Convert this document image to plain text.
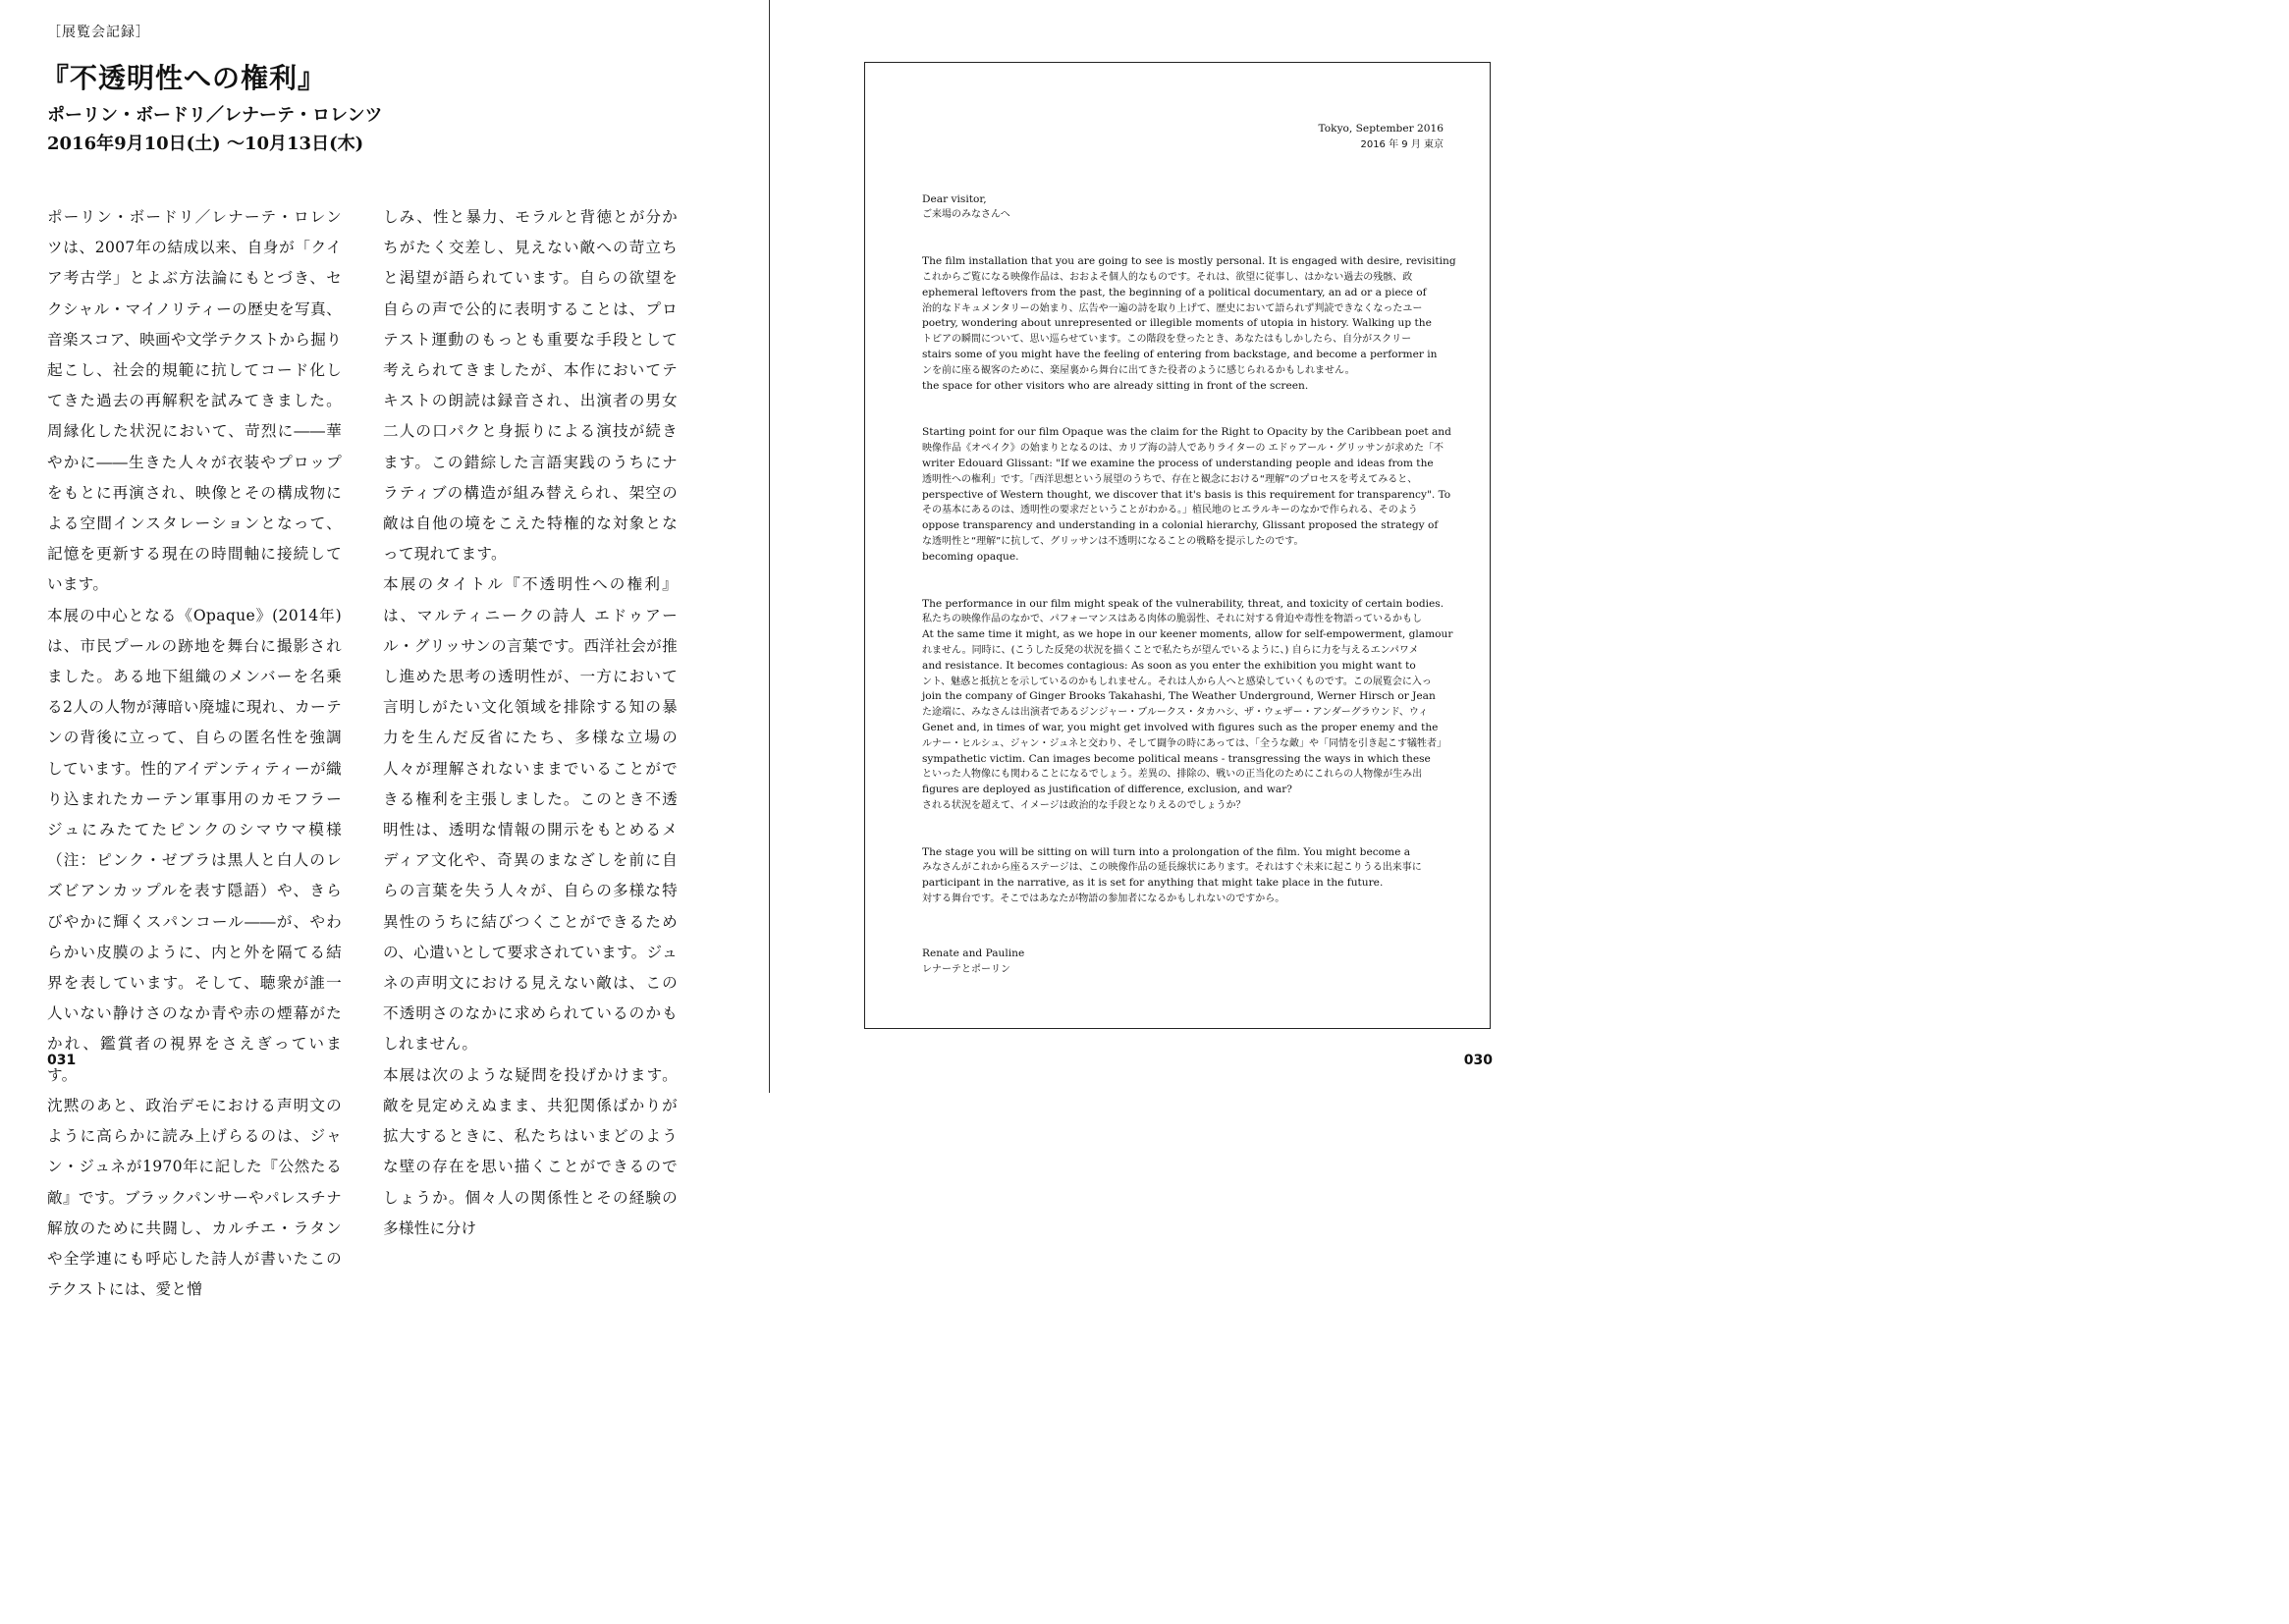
［展覧会記録］
『不透明性への権利』
ポーリン・ボードリ／レナーテ・ロレンツ
2016年9月10日(土) ～10月13日(木)

ポーリン・ボードリ／レナーテ・ロレンツは、2007年の結成以来、自身が「クイア考古学」とよぶ方法論にもとづき、セクシャル・マイノリティーの歴史を写真、音楽スコア、映画や文学テクストから掘り起こし、社会的規範に抗してコード化してきた過去の再解釈を試みてきました。周縁化した状況において、苛烈に――華やかに――生きた人々が衣装やプロップをもとに再演され、映像とその構成物による空間インスタレーションとなって、記憶を更新する現在の時間軸に接続しています。

本展の中心となる《Opaque》(2014年)は、市民プールの跡地を舞台に撮影されました。ある地下組織のメンバーを名乗る2人の人物が薄暗い廃墟に現れ、カーテンの背後に立って、自らの匿名性を強調しています。性的アイデンティティーが織り込まれたカーテン軍事用のカモフラージュにみたてたピンクのシマウマ模様（注：ピンク・ゼブラは黒人と白人のレズビアンカップルを表す隠語）や、きらびやかに輝くスパンコール――が、やわらかい皮膜のように、内と外を隔てる結界を表しています。そして、聴衆が誰一人いない静けさのなか青や赤の煙幕がたかれ、鑑賞者の視界をさえぎっています。

沈黙のあと、政治デモにおける声明文のように高らかに読み上げらるのは、ジャン・ジュネが1970年に記した『公然たる敵』です。ブラックパンサーやパレスチナ解放のために共闘し、カルチエ・ラタンや全学連にも呼応した詩人が書いたこのテクストには、愛と憎

しみ、性と暴力、モラルと背徳とが分かちがたく交差し、見えない敵への苛立ちと渇望が語られています。自らの欲望を自らの声で公的に表明することは、プロテスト運動のもっとも重要な手段として考えられてきましたが、本作においてテキストの朗読は録音され、出演者の男女二人の口パクと身振りによる演技が続きます。この錯綜した言語実践のうちにナラティブの構造が組み替えられ、架空の敵は自他の境をこえた特権的な対象となって現れてます。

本展のタイトル『不透明性への権利』は、マルティニークの詩人 エドゥアール・グリッサンの言葉です。西洋社会が推し進めた思考の透明性が、一方において言明しがたい文化領域を排除する知の暴力を生んだ反省にたち、多様な立場の人々が理解されないままでいることができる権利を主張しました。このとき不透明性は、透明な情報の開示をもとめるメディア文化や、奇異のまなざしを前に自らの言葉を失う人々が、自らの多様な特異性のうちに結びつくことができるための、心遣いとして要求されています。ジュネの声明文における見えない敵は、この不透明さのなかに求められているのかもしれません。

本展は次のような疑問を投げかけます。敵を見定めえぬまま、共犯関係ばかりが拡大するときに、私たちはいまどのような壁の存在を思い描くことができるのでしょうか。個々人の関係性とその経験の多様性に分け

031

Tokyo, September 2016
2016 年 9 月 東京

Dear visitor,
ご来場のみなさんへ
The film installation that you are going to see is mostly personal. It is engaged with desire, revisiting
これからご覧になる映像作品は、おおよそ個人的なものです。それは、欲望に従事し、はかない過去の残骸、政
ephemeral leftovers from the past, the beginning of a political documentary, an ad or a piece of
治的なドキュメンタリーの始まり、広告や一遍の詩を取り上げて、歴史において語られず判読できなくなったユー
poetry, wondering about unrepresented or illegible moments of utopia in history. Walking up the
トピアの瞬間について、思い巡らせています。この階段を登ったとき、あなたはもしかしたら、自分がスクリー
stairs some of you might have the feeling of entering from backstage, and become a performer in
ンを前に座る観客のために、楽屋裏から舞台に出てきた役者のように感じられるかもしれません。
the space for other visitors who are already sitting in front of the screen.
Starting point for our film Opaque was the claim for the Right to Opacity by the Caribbean poet and
映像作品《オペイク》の始まりとなるのは、カリブ海の詩人でありライターの エドゥアール・グリッサンが求めた「不
writer Edouard Glissant: "If we examine the process of understanding people and ideas from the
透明性への権利」です。「西洋思想という展望のうちで、存在と観念における“理解”のプロセスを考えてみると、
perspective of Western thought, we discover that it's basis is this requirement for transparency". To
その基本にあるのは、透明性の要求だということがわかる。」植民地のヒエラルキーのなかで作られる、そのよう
oppose transparency and understanding in a colonial hierarchy, Glissant proposed the strategy of
な透明性と“理解”に抗して、グリッサンは不透明になることの戦略を提示したのです。
becoming opaque.
The performance in our film might speak of the vulnerability, threat, and toxicity of certain bodies.
私たちの映像作品のなかで、パフォーマンスはある肉体の脆弱性、それに対する脅迫や毒性を物語っているかもし
At the same time it might, as we hope in our keener moments, allow for self-empowerment, glamour
れません。同時に、(こうした反発の状況を描くことで私たちが望んでいるように、) 自らに力を与えるエンパワメ
and resistance. It becomes contagious: As soon as you enter the exhibition you might want to
ント、魅惑と抵抗とを示しているのかもしれません。それは人から人へと感染していくものです。この展覧会に入っ
join the company of Ginger Brooks Takahashi, The Weather Underground, Werner Hirsch or Jean
た途端に、みなさんは出演者であるジンジャー・ブルークス・タカハシ、ザ・ウェザー・アンダーグラウンド、ウィ
Genet and, in times of war, you might get involved with figures such as the proper enemy and the
ルナー・ヒルシュ、ジャン・ジュネと交わり、そして闘争の時にあっては、「全うな敵」や「同情を引き起こす犠牲者」
sympathetic victim. Can images become political means - transgressing the ways in which these
といった人物像にも関わることになるでしょう。差異の、排除の、戦いの正当化のためにこれらの人物像が生み出
figures are deployed as justification of difference, exclusion, and war?
される状況を超えて、イメージは政治的な手段となりえるのでしょうか？
The stage you will be sitting on will turn into a prolongation of the film. You might become a
みなさんがこれから座るステージは、この映像作品の延長線状にあります。それはすぐ未来に起こりうる出来事に
participant in the narrative, as it is set for anything that might take place in the future.
対する舞台です。そこではあなたが物語の参加者になるかもしれないのですから。
Renate and Pauline
レナーテとポーリン
030
